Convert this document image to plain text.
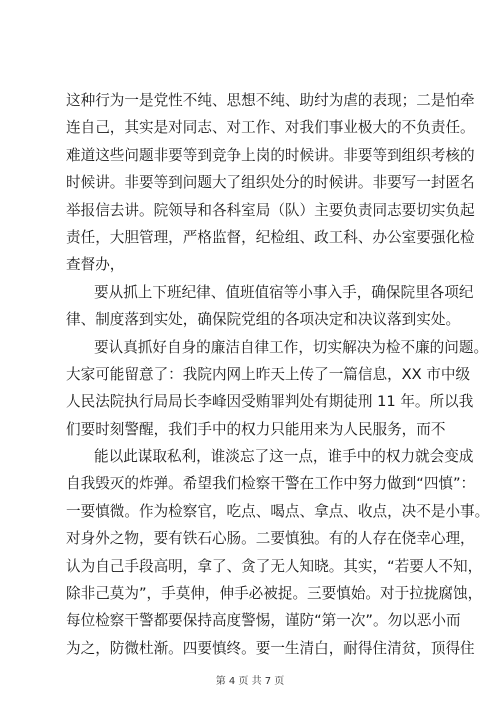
这种行为一是党性不纯、思想不纯、助纣为虐的表现；二是怕牵
连自己，其实是对同志、对工作、对我们事业极大的不负责任。
难道这些问题非要等到竞争上岗的时候讲。非要等到组织考核的
时候讲。非要等到问题大了组织处分的时候讲。非要写一封匿名
举报信去讲。院领导和各科室局（队）主要负责同志要切实负起
责任，大胆管理，严格监督，纪检组、政工科、办公室要强化检
查督办，
要从抓上下班纪律、值班值宿等小事入手，确保院里各项纪
律、制度落到实处，确保院党组的各项决定和决议落到实处。
要认真抓好自身的廉洁自律工作，切实解决为检不廉的问题。
大家可能留意了：我院内网上昨天上传了一篇信息，XX 市中级
人民法院执行局局长李峰因受贿罪判处有期徒刑 11 年。所以我
们要时刻警醒，我们手中的权力只能用来为人民服务，而不
能以此谋取私利，谁淡忘了这一点，谁手中的权力就会变成
自我毁灭的炸弹。希望我们检察干警在工作中努力做到“四慎”：
一要慎微。作为检察官，吃点、喝点、拿点、收点，决不是小事。
对身外之物，要有铁石心肠。二要慎独。有的人存在侥幸心理，
认为自己手段高明，拿了、贪了无人知晓。其实，“若要人不知，
除非己莫为”，手莫伸，伸手必被捉。三要慎始。对于拉拢腐蚀，
每位检察干警都要保持高度警惕，谨防“第一次”。勿以恶小而
为之，防微杜渐。四要慎终。要一生清白，耐得住清贫，顶得住
第 4 页 共 7 页
